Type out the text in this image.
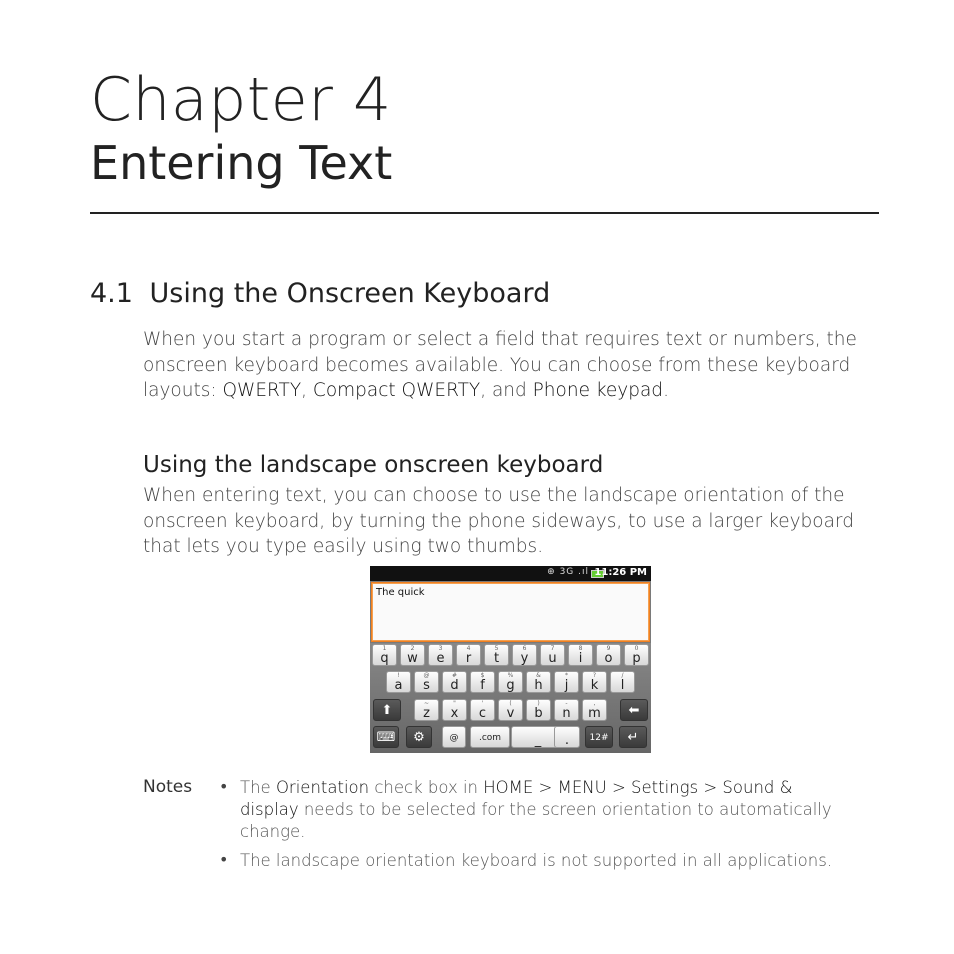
Chapter 4
Entering Text
4.1 Using the Onscreen Keyboard
When you start a program or select a field that requires text or numbers, the onscreen keyboard becomes available. You can choose from these keyboard layouts: QWERTY, Compact QWERTY, and Phone keypad.
Using the landscape onscreen keyboard
When entering text, you can choose to use the landscape orientation of the onscreen keyboard, by turning the phone sideways, to use a larger keyboard that lets you type easily using two thumbs.
⊕ 3G .ıl 11:26 PM
The quick
⌨	⚙	@	.com	_	.	12#	↵
⬆	⬅
1
q
2
w
3
e
4
r
5
t
6
y
7
u
8
i
9
o
0
p
!
a
@
s
#
d
$
f
%
g
&
h
*
j
?
k
/
l
~
z
"
x
'
c
(
v
)
b
-
n
,
m
Notes • The Orientation check box in HOME > MENU > Settings > Sound & display needs to be selected for the screen orientation to automatically change.
• The landscape orientation keyboard is not supported in all applications.
